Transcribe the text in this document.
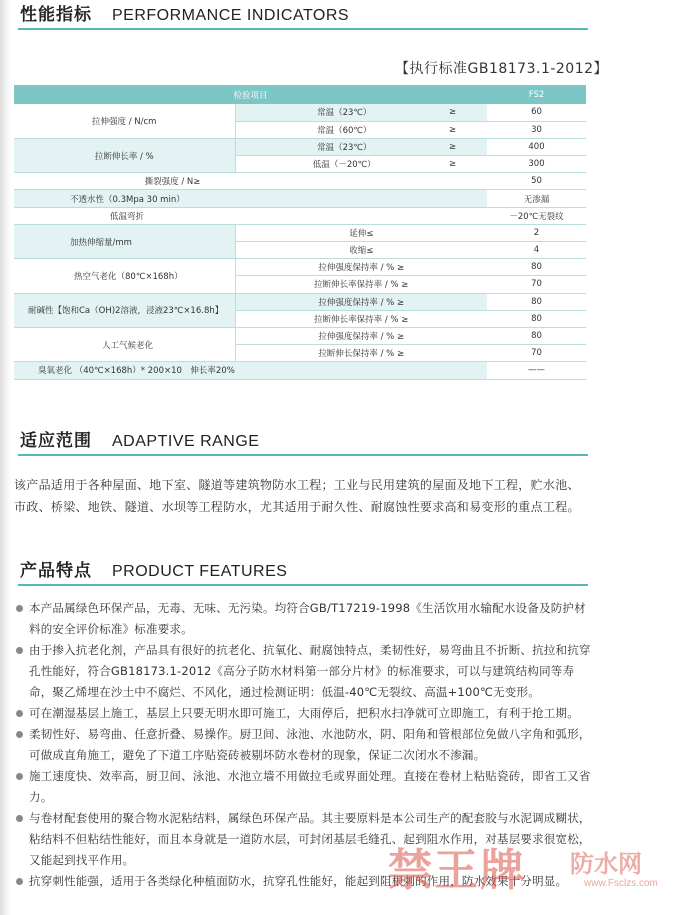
性能指标 PERFORMANCE INDICATORS
【执行标准GB18173.1-2012】
检验项目		FS2
拉伸强度 / N/cm	常温（23℃） ≥	60

	常温（60℃） ≥	30
拉断伸长率 / %	常温（23℃） ≥	400

	低温（－20℃） ≥	300
撕裂强度 / N≥		50
不透水性（0.3Mpa 30 min）		无渗漏
低温弯折		－20℃无裂纹
加热伸缩量/mm	延伸≤	2
	收缩≤	4
热空气老化（80℃×168h）	拉伸强度保持率 / % ≥	80
	拉断伸长率保持率 / % ≥	70
耐碱性【饱和Ca（OH)2溶液，浸液23℃×16.8h】	拉伸强度保持率 / % ≥	80
	拉断伸长率保持率 / % ≥	80
人工气候老化	拉伸强度保持率 / % ≥	80
	拉断伸长保持率 / % ≥	70
臭氧老化 （40℃×168h）* 200×10　伸长率20%		——
适应范围 ADAPTIVE RANGE
该产品适用于各种屋面、地下室、隧道等建筑物防水工程；工业与民用建筑的屋面及地下工程，贮水池、市政、桥梁、地铁、隧道、水坝等工程防水，尤其适用于耐久性、耐腐蚀性要求高和易变形的重点工程。
产品特点 PRODUCT FEATURES
本产品属绿色环保产品，无毒、无味、无污染。均符合GB/T17219-1998《生活饮用水输配水设备及防护材料的安全评价标准》标准要求。
由于掺入抗老化剂，产品具有很好的抗老化、抗氧化、耐腐蚀特点，柔韧性好，易弯曲且不折断、抗拉和抗穿孔性能好，符合GB18173.1-2012《高分子防水材料第一部分片材》的标准要求，可以与建筑结构同等寿命，聚乙烯埋在沙土中不腐烂、不风化，通过检测证明：低温-40℃无裂纹、高温+100℃无变形。
可在潮湿基层上施工，基层上只要无明水即可施工，大雨停后，把积水扫净就可立即施工，有利于抢工期。
柔韧性好、易弯曲、任意折叠、易操作。厨卫间、泳池、水池防水，阴、阳角和管根部位免做八字角和弧形，可做成直角施工，避免了下道工序贴瓷砖被剔坏防水卷材的现象，保证二次闭水不渗漏。
施工速度快、效率高，厨卫间、泳池、水池立墙不用做拉毛或界面处理。直接在卷材上粘贴瓷砖，即省工又省力。
与卷材配套使用的聚合物水泥粘结料，属绿色环保产品。其主要原料是本公司生产的配套胶与水泥调成糊状，粘结料不但粘结性能好，而且本身就是一道防水层，可封闭基层毛缝孔、起到阻水作用，对基层要求很宽松，又能起到找平作用。
抗穿刺性能强，适用于各类绿化种植面防水，抗穿孔性能好，能起到阻根刺的作用，防水效果十分明显。
禁王牌 防水网
www.Fsclzs.com
